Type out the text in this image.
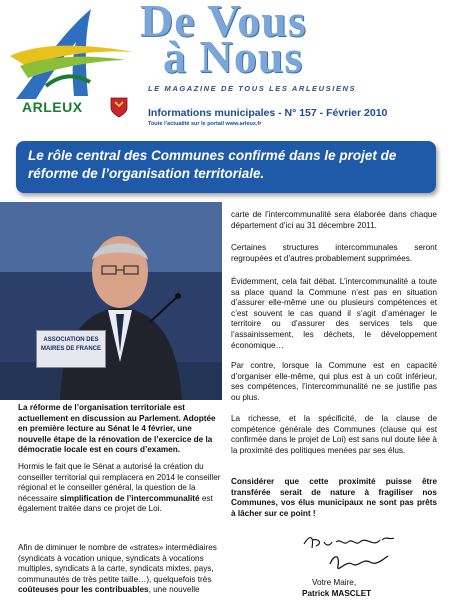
ARLEUX
De Vous
à Nous
LE MAGAZINE DE TOUS LES ARLEUSIENS
Informations municipales - N° 157 - Février 2010
Toute l’actualité sur le portail www.arleux.fr
Le rôle central des Communes confirmé dans le projet de réforme de l’organisation territoriale.
ASSOCIATION DES MAIRES DE FRANCE
La réforme de l’organisation territoriale est actuellement en discussion au Parlement. Adoptée en première lecture au Sénat le 4 février, une nouvelle étape de la rénovation de l’exercice de la démocratie locale est en cours d’examen.
Hormis le fait que le Sénat a autorisé la création du conseiller territorial qui remplacera en 2014 le conseiller régional et le conseiller général, la question de la nécessaire simplification de l’intercommunalité est également traitée dans ce projet de Loi.
Afin de diminuer le nombre de «strates» intermédiaires (syndicats à vocation unique, syndicats à vocations multiples, syndicats à la carte, syndicats mixtes, pays, communautés de très petite taille…), quelquefois très coûteuses pour les contribuables, une nouvelle
carte de l’intercommunalité sera élaborée dans chaque département d’ici au 31 décembre 2011.
Certaines structures intercommunales seront regroupées et d’autres probablement supprimées.
Évidemment, cela fait débat. L’intercommunalité a toute sa place quand la Commune n’est pas en situation d’assurer elle-même une ou plusieurs compétences et c’est souvent le cas quand il s’agit d’aménager le territoire ou d’assurer des services tels que l’assainissement, les déchets, le développement économique…
Par contre, lorsque la Commune est en capacité d’organiser elle-même, qui plus est à un coût inférieur, ses compétences, l’intercommunalité ne se justifie pas ou plus.
La richesse, et la spécificité, de la clause de compétence générale des Communes (clause qui est confirmée dans le projet de Loi) est sans nul doute liée à la proximité des politiques menées par ses élus.
Considérer que cette proximité puisse être transférée serait de nature à fragiliser nos Communes, vos élus municipaux ne sont pas prêts à lâcher sur ce point !
Votre Maire,
Patrick MASCLET
